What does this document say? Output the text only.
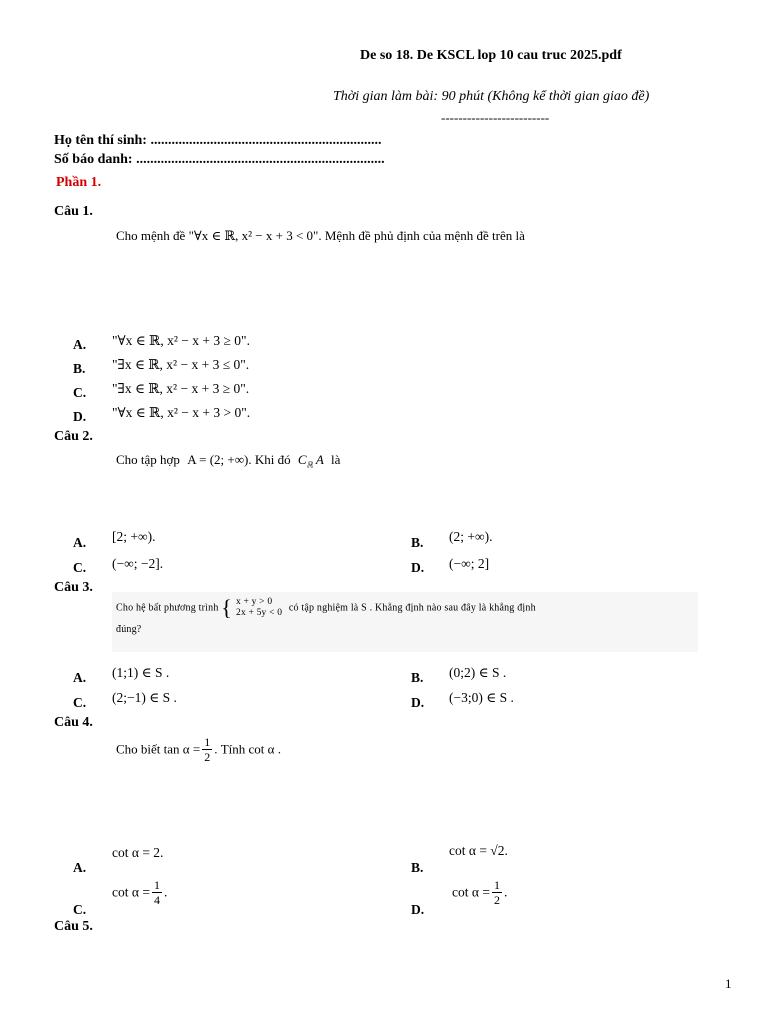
De so 18. De KSCL lop 10 cau truc 2025.pdf
Thời gian làm bài: 90 phút (Không kể thời gian giao đề)
-------------------------
Họ tên thí sinh: ..................................................................
Số báo danh: .......................................................................
Phần 1.
Câu 1.
Cho mệnh đề "∀x ∈ ℝ, x² − x + 3 < 0". Mệnh đề phủ định của mệnh đề trên là
A. "∀x ∈ ℝ, x² − x + 3 ≥ 0".
B. "∃x ∈ ℝ, x² − x + 3 ≤ 0".
C. "∃x ∈ ℝ, x² − x + 3 ≥ 0".
D. "∀x ∈ ℝ, x² − x + 3 > 0".
Câu 2.
Cho tập hợp A = (2; +∞). Khi đó $C_ℝ$ A là
A. [2; +∞).	B. (2; +∞).
C. (−∞; −2].	D. (−∞; 2]
Câu 3.
Cho hệ bất phương trình { x + y > 0
2x + 5y < 0 có tập nghiệm là S . Khẳng định nào sau đây là khẳng định
đúng?
A. (1;1) ∈ S .	B. (0;2) ∈ S .
C. (2;−1) ∈ S .	D. (−3;0) ∈ S .
Câu 4.
Cho biết $\tan \alpha = \frac{1}{2}$ . Tính cot α .
A.
cot α = 2.
B.
cot α = √2.
C.
$\cot \alpha = \frac{1}{4}$ .
D.
$\cot \alpha = \frac{1}{2}$ .
Câu 5.
1
